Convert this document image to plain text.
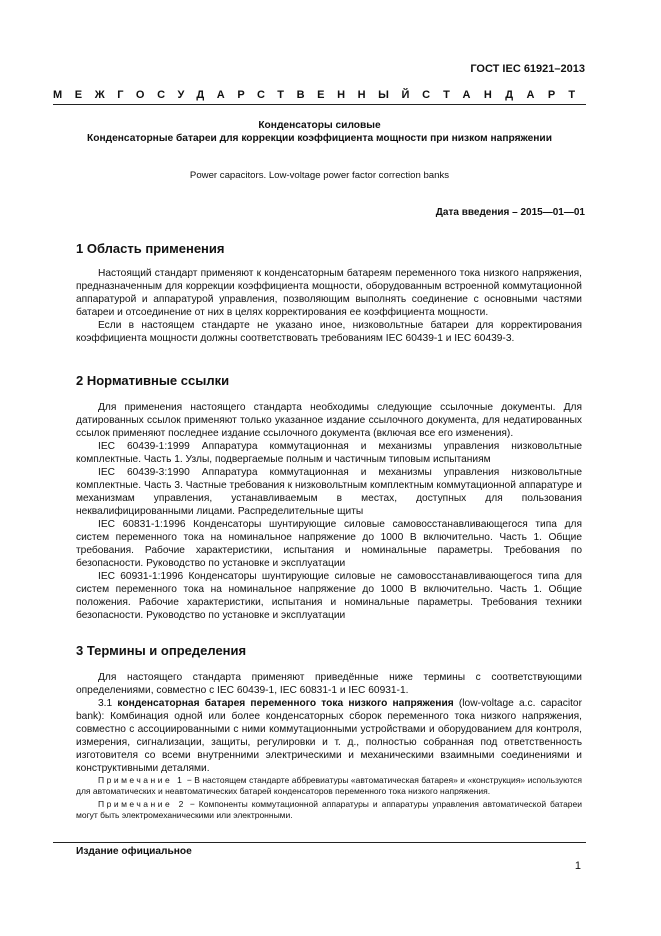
ГОСТ IEC 61921–2013
МЕЖГОСУДАРСТВЕННЫЙ СТАНДАРТ
Конденсаторы силовые
Конденсаторные батареи для коррекции коэффициента мощности при низком напряжении
Power capacitors. Low-voltage power factor correction banks
Дата введения – 2015—01—01
1 Область применения

Настоящий стандарт применяют к конденсаторным батареям переменного тока низкого напряжения, предназначенным для коррекции коэффициента мощности, оборудованным встроенной коммутационной аппаратурой и аппаратурой управления, позволяющим выполнять соединение с основными частями батареи и отсоединение от них в целях корректирования ее коэффициента мощности.

Если в настоящем стандарте не указано иное, низковольтные батареи для корректирования коэффициента мощности должны соответствовать требованиям IEC 60439-1 и IEC 60439-3.

2 Нормативные ссылки

Для применения настоящего стандарта необходимы следующие ссылочные документы. Для датированных ссылок применяют только указанное издание ссылочного документа, для недатированных ссылок применяют последнее издание ссылочного документа (включая все его изменения).

IEC 60439-1:1999 Аппаратура коммутационная и механизмы управления низковольтные комплектные. Часть 1. Узлы, подвергаемые полным и частичным типовым испытаниям

IEC 60439-3:1990 Аппаратура коммутационная и механизмы управления низковольтные комплектные. Часть 3. Частные требования к низковольтным комплектным коммутационной аппаратуре и механизмам управления, устанавливаемым в местах, доступных для пользования неквалифицированными лицами. Распределительные щиты

IEC 60831-1:1996 Конденсаторы шунтирующие силовые самовосстанавливающегося типа для систем переменного тока на номинальное напряжение до 1000 В включительно. Часть 1. Общие требования. Рабочие характеристики, испытания и номинальные параметры. Требования по безопасности. Руководство по установке и эксплуатации

IEC 60931-1:1996 Конденсаторы шунтирующие силовые не самовосстанавливающегося типа для систем переменного тока на номинальное напряжение до 1000 В включительно. Часть 1. Общие положения. Рабочие характеристики, испытания и номинальные параметры. Требования техники безопасности. Руководство по установке и эксплуатации

3 Термины и определения

Для настоящего стандарта применяют приведённые ниже термины с соответствующими определениями, совместно с IEC 60439-1, IEC 60831-1 и IEC 60931-1.

3.1 конденсаторная батарея переменного тока низкого напряжения (low-voltage a.c. capacitor bank): Комбинация одной или более конденсаторных сборок переменного тока низкого напряжения, совместно с ассоциированными с ними коммутационными устройствами и оборудованием для контроля, измерения, сигнализации, защиты, регулировки и т. д., полностью собранная под ответственность изготовителя со всеми внутренними электрическими и механическими взаимными соединениями и конструктивными деталями.

Примечание 1 − В настоящем стандарте аббревиатуры «автоматическая батарея» и «конструкция» используются для автоматических и неавтоматических батарей конденсаторов переменного тока низкого напряжения.

Примечание 2 − Компоненты коммутационной аппаратуры и аппаратуры управления автоматической батареи могут быть электромеханическими или электронными.

Издание официальное
1
